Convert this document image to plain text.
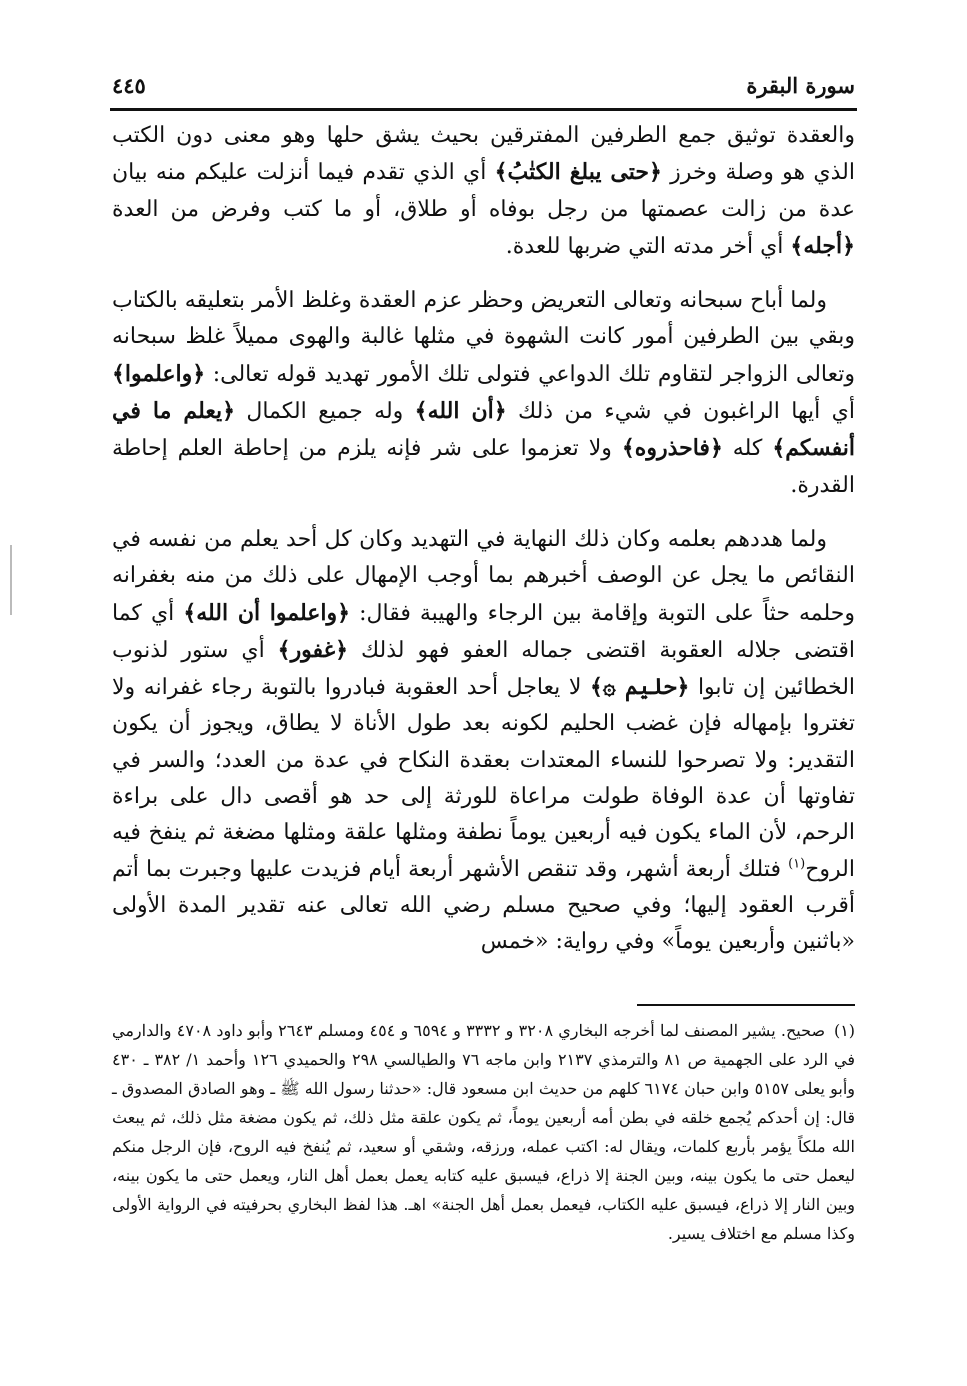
سورة البقرة
٤٤٥

والعقدة توثيق جمع الطرفين المفترقين بحيث يشق حلها وهو معنى دون الكتب الذي هو وصلة وخرز ﴿حتى يبلغ الكتٰبُ﴾ أي الذي تقدم فيما أنزلت عليكم منه بيان عدة من زالت عصمتها من رجل بوفاه أو طلاق، أو ما كتب وفرض من العدة ﴿أجله﴾ أي أخر مدته التي ضربها للعدة.

ولما أباح سبحانه وتعالى التعريض وحظر عزم العقدة وغلظ الأمر بتعليقه بالكتاب وبقي بين الطرفين أمور كانت الشهوة في مثلها غالبة والهوى مميلاً غلظ سبحانه وتعالى الزواجر لتقاوم تلك الدواعي فتولى تلك الأمور تهديد قوله تعالى: ﴿واعلموا﴾ أي أيها الراغبون في شيء من ذلك ﴿أن الله﴾ وله جميع الكمال ﴿يعلم ما في أنفسكم﴾ كله ﴿فاحذروه﴾ ولا تعزموا على شر فإنه يلزم من إحاطة العلم إحاطة القدرة.

ولما هددهم بعلمه وكان ذلك النهاية في التهديد وكان كل أحد يعلم من نفسه في النقائص ما يجل عن الوصف أخبرهم بما أوجب الإمهال على ذلك من منه بغفرانه وحلمه حثاً على التوبة وإقامة بين الرجاء والهيبة فقال: ﴿واعلموا أن الله﴾ أي كما اقتضى جلاله العقوبة اقتضى جماله العفو فهو لذلك ﴿غفور﴾ أي ستور لذنوب الخطائين إن تابوا ﴿حليم ۞﴾ لا يعاجل أحد العقوبة فبادروا بالتوبة رجاء غفرانه ولا تغتروا بإمهاله فإن غضب الحليم لكونه بعد طول الأناة لا يطاق، ويجوز أن يكون التقدير: ولا تصرحوا للنساء المعتدات بعقدة النكاح في عدة من العدد؛ والسر في تفاوتها أن عدة الوفاة طولت مراعاة للورثة إلى حد هو أقصى دال على براءة الرحم، لأن الماء يكون فيه أربعين يوماً نطفة ومثلها علقة ومثلها مضغة ثم ينفخ فيه الروح$^{(١)}$ فتلك أربعة أشهر، وقد تنقص الأشهر أربعة أيام فزيدت عليها وجبرت بما أتم أقرب العقود إليها؛ وفي صحيح مسلم رضي الله تعالى عنه تقدير المدة الأولى «باثنين وأربعين يوماً» وفي رواية: «خمس

(١)صحيح. يشير المصنف لما أخرجه البخاري ٣٢٠٨ و ٣٣٣٢ و ٦٥٩٤ و ٤٥٤ ومسلم ٢٦٤٣ وأبو داود ٤٧٠٨ والدارمي في الرد على الجهمية ص ٨١ والترمذي ٢١٣٧ وابن ماجه ٧٦ والطيالسي ٢٩٨ والحميدي ١٢٦ وأحمد ١/ ٣٨٢ ـ ٤٣٠ وأبو يعلى ٥١٥٧ وابن حبان ٦١٧٤ كلهم من حديث ابن مسعود قال: «حدثنا رسول الله ﷺ ـ وهو الصادق المصدوق ـ قال: إن أحدكم يُجمع خلقه في بطن أمه أربعين يوماً، ثم يكون علقة مثل ذلك، ثم يكون مضغة مثل ذلك، ثم يبعث الله ملكاً يؤمر بأربع كلمات، ويقال له: اكتب عمله، ورزقه، وشقي أو سعيد، ثم يُنفخ فيه الروح، فإن الرجل منكم ليعمل حتى ما يكون بينه، وبين الجنة إلا ذراع، فيسبق عليه كتابه يعمل بعمل أهل النار، ويعمل حتى ما يكون بينه، وبين النار إلا ذراع، فيسبق عليه الكتاب، فيعمل بعمل أهل الجنة» اهـ. هذا لفظ البخاري بحرفيته في الرواية الأولى وكذا مسلم مع اختلاف يسير.
